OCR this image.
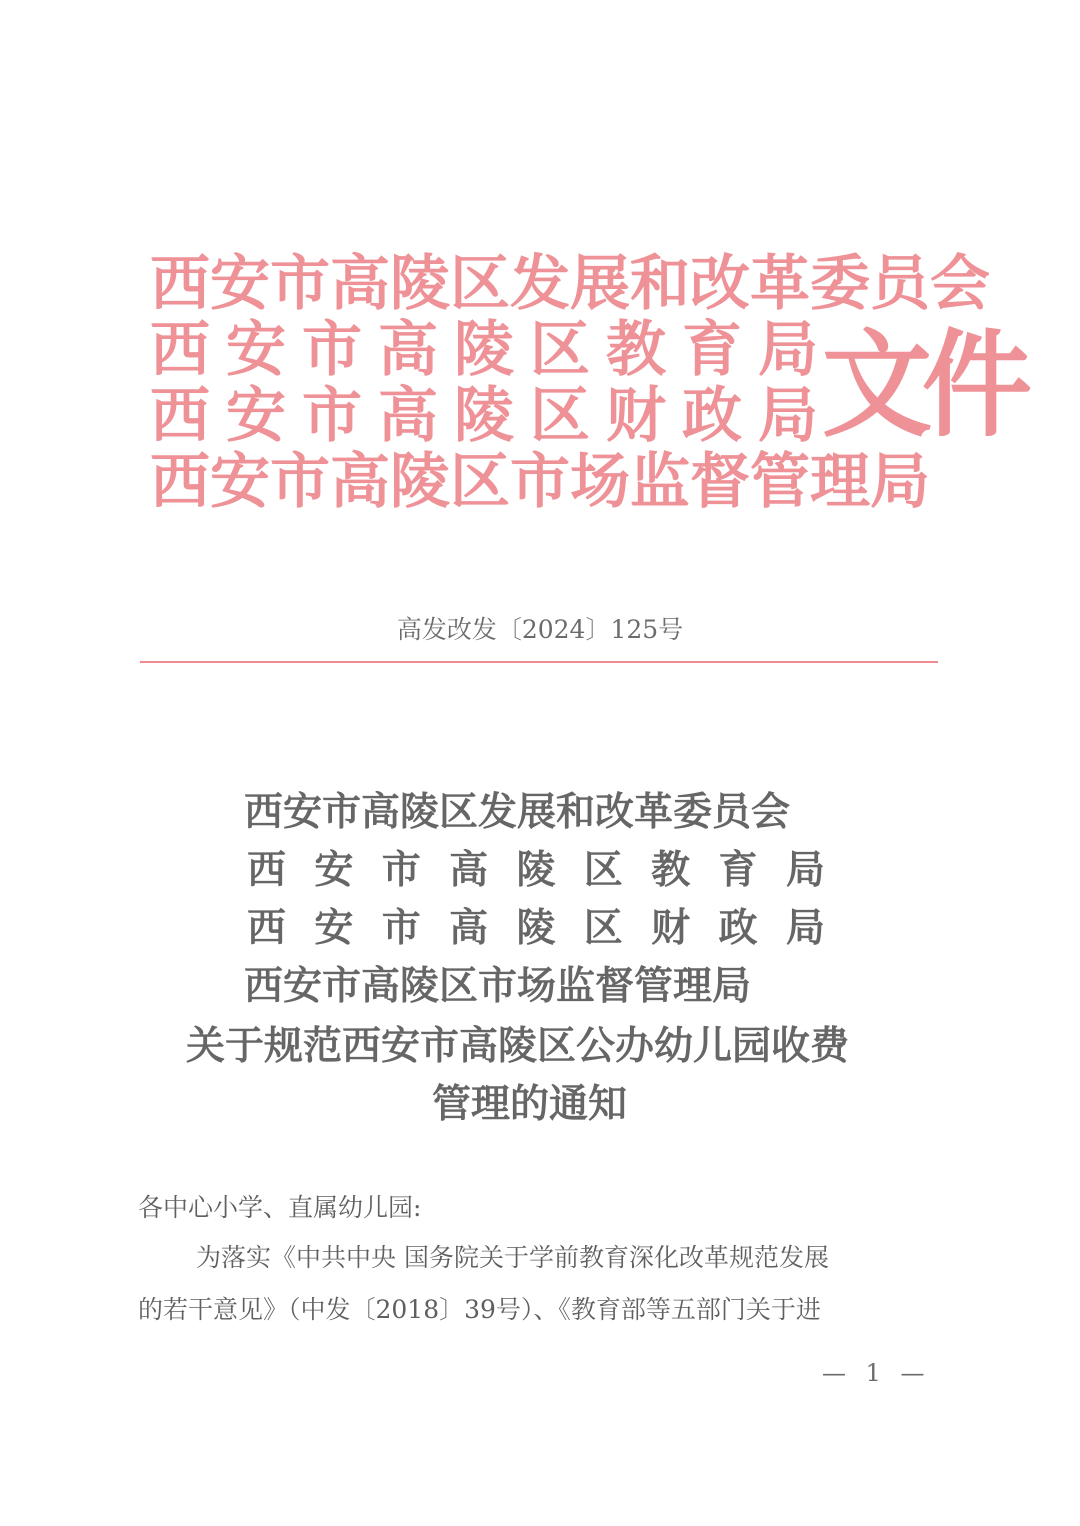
西安市高陵区发展和改革委员会
西 安 市 高 陵 区 教 育 局
西 安 市 高 陵 区 财 政 局
西安市高陵区市场监督管理局
文件
高发改发〔2024〕125号
西安市高陵区发展和改革委员会
西 安 市 高 陵 区 教 育 局
西 安 市 高 陵 区 财 政 局
西安市高陵区市场监督管理局
关于规范西安市高陵区公办幼儿园收费
管理的通知
各中心小学、直属幼儿园:
为落实《中共中央 国务院关于学前教育深化改革规范发展
的若干意见》（中发〔2018〕39号）、《教育部等五部门关于进
— 1 —
